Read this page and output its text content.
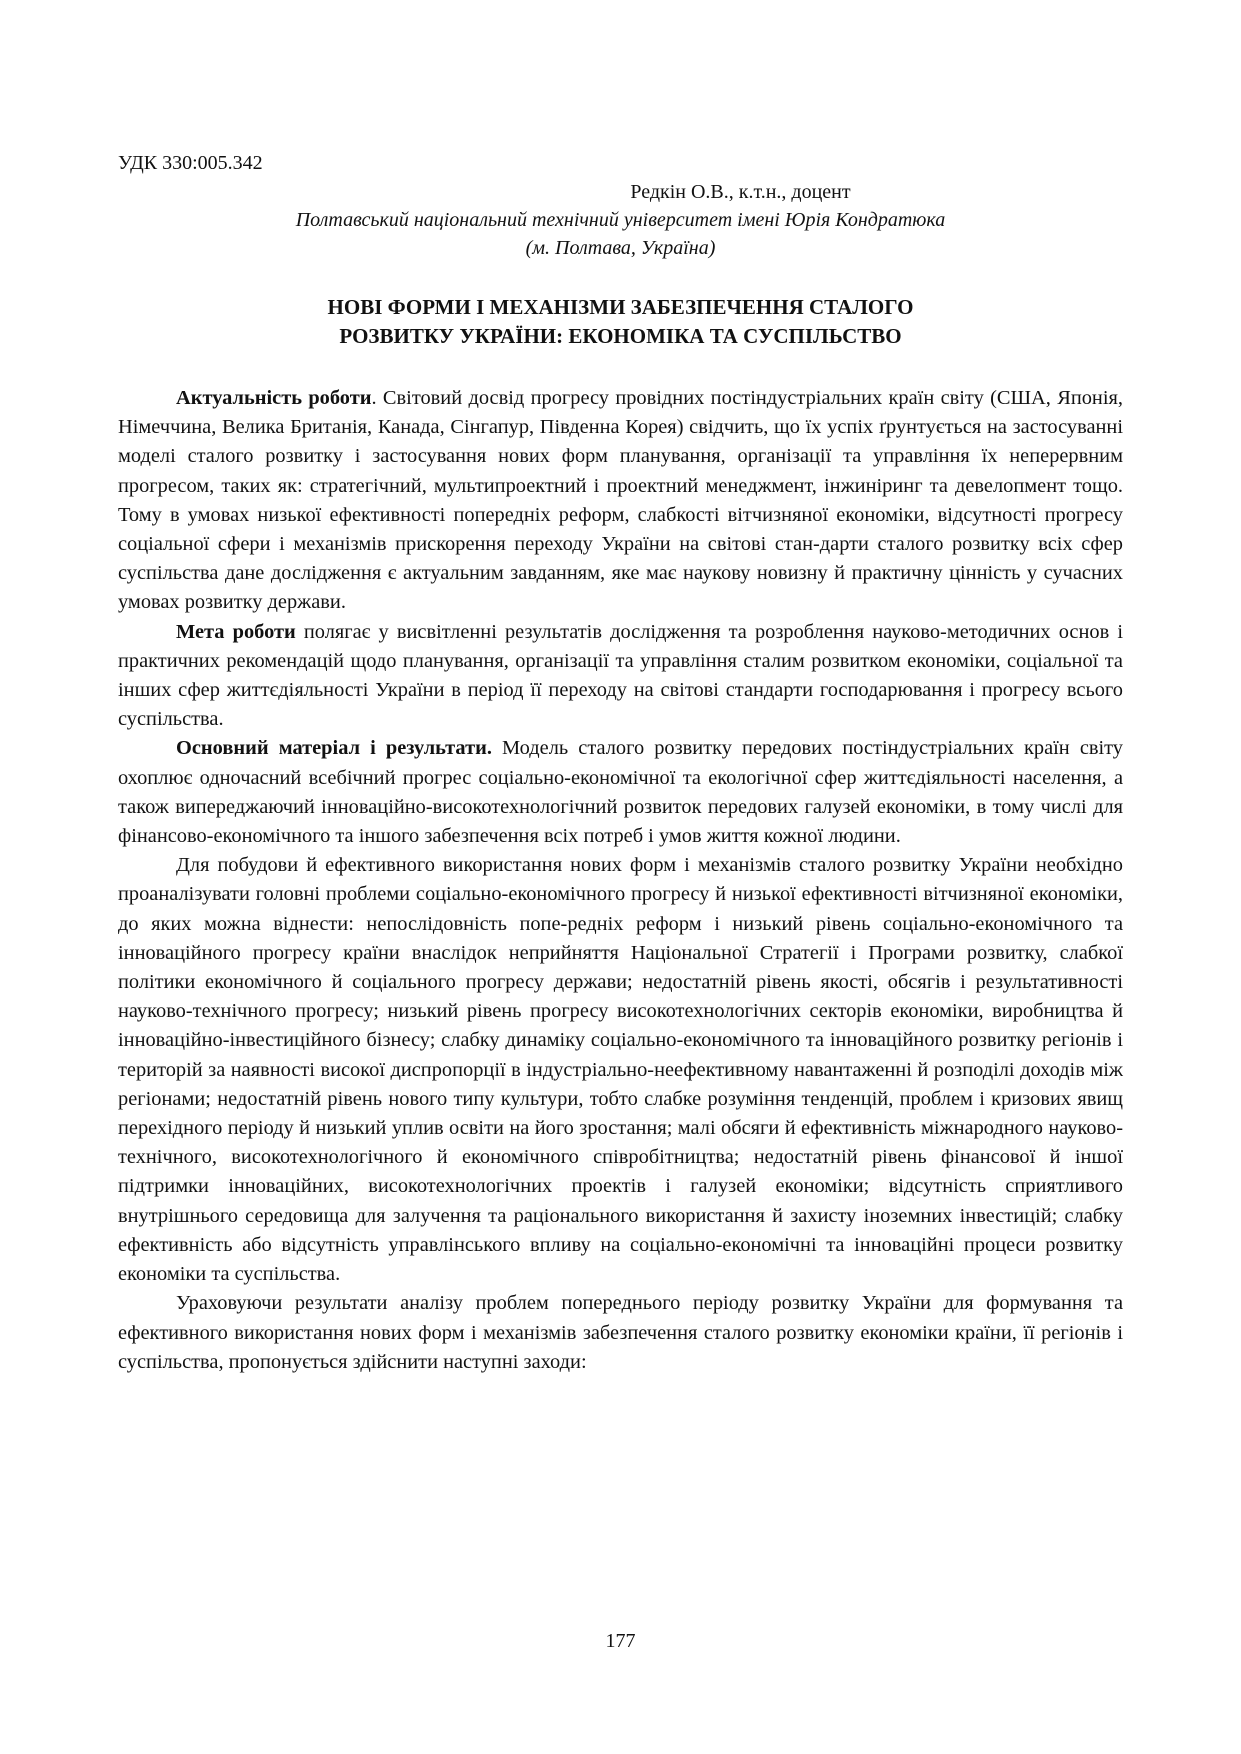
УДК 330:005.342
Редкін О.В., к.т.н., доцент
Полтавський національний технічний університет імені Юрія Кондратюка
(м. Полтава, Україна)
НОВІ ФОРМИ І МЕХАНІЗМИ ЗАБЕЗПЕЧЕННЯ СТАЛОГО
РОЗВИТКУ УКРАЇНИ: ЕКОНОМІКА ТА СУСПІЛЬСТВО

Актуальність роботи. Світовий досвід прогресу провідних постіндустріальних країн світу (США, Японія, Німеччина, Велика Британія, Канада, Сінгапур, Південна Корея) свідчить, що їх успіх ґрунтується на застосуванні моделі сталого розвитку і застосування нових форм планування, організації та управління їх неперервним прогресом, таких як: стратегічний, мультипроектний і проектний менеджмент, інжиніринг та девелопмент тощо. Тому в умовах низької ефективності попередніх реформ, слабкості вітчизняної економіки, відсутності прогресу соціальної сфери і механізмів прискорення переходу України на світові стан-дарти сталого розвитку всіх сфер суспільства дане дослідження є актуальним завданням, яке має наукову новизну й практичну цінність у сучасних умовах розвитку держави.

Мета роботи полягає у висвітленні результатів дослідження та розроблення науково-методичних основ і практичних рекомендацій щодо планування, організації та управління сталим розвитком економіки, соціальної та інших сфер життєдіяльності України в період її переходу на світові стандарти господарювання і прогресу всього суспільства.

Основний матеріал і результати. Модель сталого розвитку передових постіндустріальних країн світу охоплює одночасний всебічний прогрес соціально-економічної та екологічної сфер життєдіяльності населення, а також випереджаючий інноваційно-високотехнологічний розвиток передових галузей економіки, в тому числі для фінансово-економічного та іншого забезпечення всіх потреб і умов життя кожної людини.

Для побудови й ефективного використання нових форм і механізмів сталого розвитку України необхідно проаналізувати головні проблеми соціально-економічного прогресу й низької ефективності вітчизняної економіки, до яких можна віднести: непослідовність попе-редніх реформ і низький рівень соціально-економічного та інноваційного прогресу країни внаслідок неприйняття Національної Стратегії і Програми розвитку, слабкої політики економічного й соціального прогресу держави; недостатній рівень якості, обсягів і результативності науково-технічного прогресу; низький рівень прогресу високотехнологічних секторів економіки, виробництва й інноваційно-інвестиційного бізнесу; слабку динаміку соціально-економічного та інноваційного розвитку регіонів і територій за наявності високої диспропорції в індустріально-неефективному навантаженні й розподілі доходів між регіонами; недостатній рівень нового типу культури, тобто слабке розуміння тенденцій, проблем і кризових явищ перехідного періоду й низький уплив освіти на його зростання; малі обсяги й ефективність міжнародного науково-технічного, високотехнологічного й економічного співробітництва; недостатній рівень фінансової й іншої підтримки інноваційних, високотехнологічних проектів і галузей економіки; відсутність сприятливого внутрішнього середовища для залучення та раціонального використання й захисту іноземних інвестицій; слабку ефективність або відсутність управлінського впливу на соціально-економічні та інноваційні процеси розвитку економіки та суспільства.

Ураховуючи результати аналізу проблем попереднього періоду розвитку України для формування та ефективного використання нових форм і механізмів забезпечення сталого розвитку економіки країни, її регіонів і суспільства, пропонується здійснити наступні заходи:

177
